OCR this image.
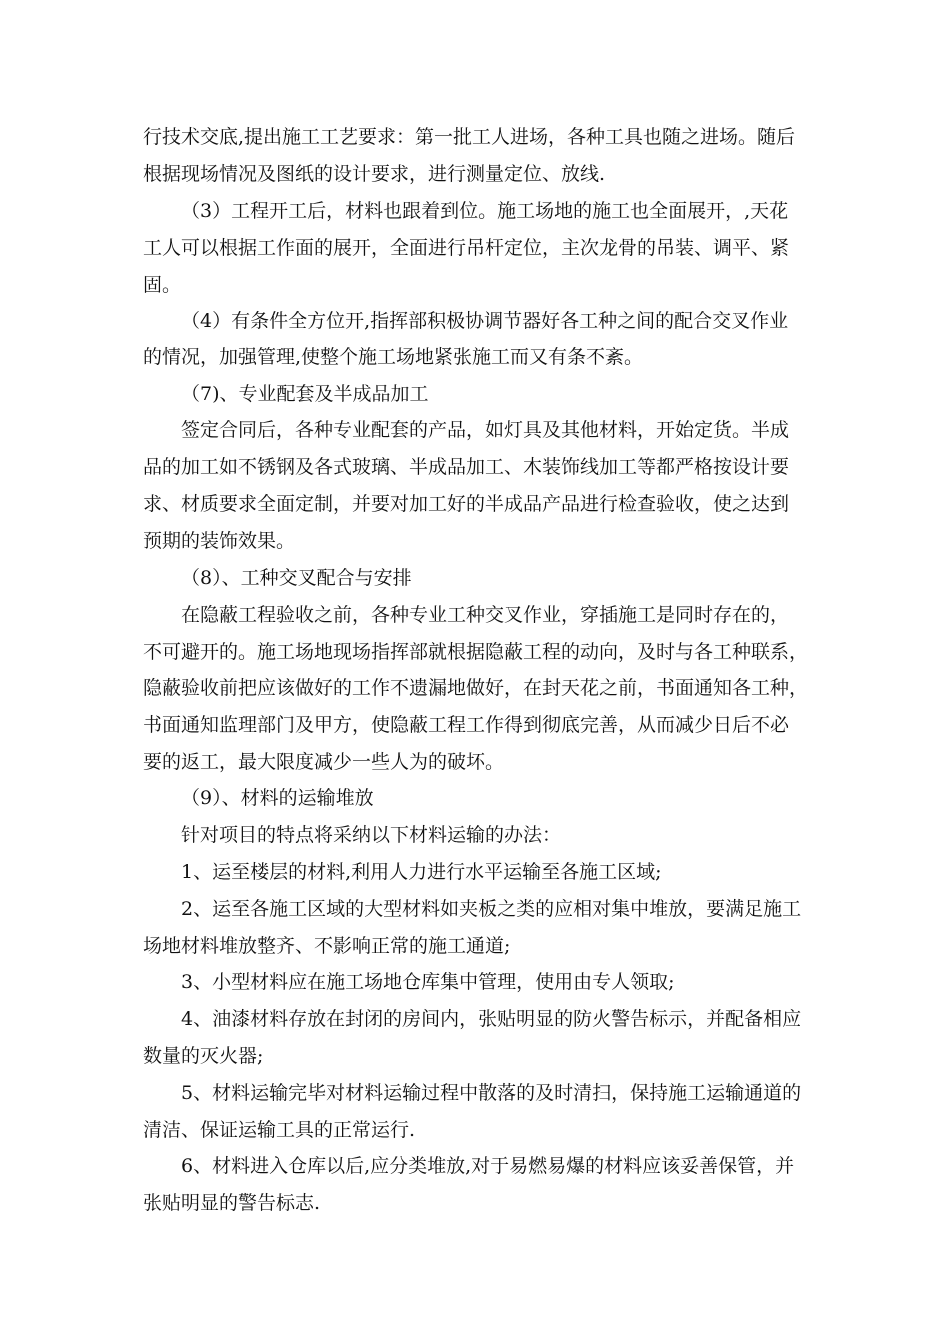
行技术交底,提出施工工艺要求：第一批工人进场，各种工具也随之进场。随后
根据现场情况及图纸的设计要求，进行测量定位、放线.
（3）工程开工后，材料也跟着到位。施工场地的施工也全面展开，,天花
工人可以根据工作面的展开，全面进行吊杆定位，主次龙骨的吊装、调平、紧
固。
（4）有条件全方位开,指挥部积极协调节器好各工种之间的配合交叉作业
的情况，加强管理,使整个施工场地紧张施工而又有条不紊。
（7)、专业配套及半成品加工
签定合同后，各种专业配套的产品，如灯具及其他材料，开始定货。半成
品的加工如不锈钢及各式玻璃、半成品加工、木装饰线加工等都严格按设计要
求、材质要求全面定制，并要对加工好的半成品产品进行检查验收，使之达到
预期的装饰效果。
（8）、工种交叉配合与安排
在隐蔽工程验收之前，各种专业工种交叉作业，穿插施工是同时存在的，
不可避开的。施工场地现场指挥部就根据隐蔽工程的动向，及时与各工种联系，
隐蔽验收前把应该做好的工作不遗漏地做好，在封天花之前，书面通知各工种，
书面通知监理部门及甲方，使隐蔽工程工作得到彻底完善，从而减少日后不必
要的返工，最大限度减少一些人为的破坏。
（9）、材料的运输堆放
针对项目的特点将采纳以下材料运输的办法：
1、运至楼层的材料,利用人力进行水平运输至各施工区域;
2、运至各施工区域的大型材料如夹板之类的应相对集中堆放，要满足施工
场地材料堆放整齐、不影响正常的施工通道;
3、小型材料应在施工场地仓库集中管理，使用由专人领取;
4、油漆材料存放在封闭的房间内，张贴明显的防火警告标示，并配备相应
数量的灭火器;
5、材料运输完毕对材料运输过程中散落的及时清扫，保持施工运输通道的
清洁、保证运输工具的正常运行.
6、材料进入仓库以后,应分类堆放,对于易燃易爆的材料应该妥善保管，并
张贴明显的警告标志.
